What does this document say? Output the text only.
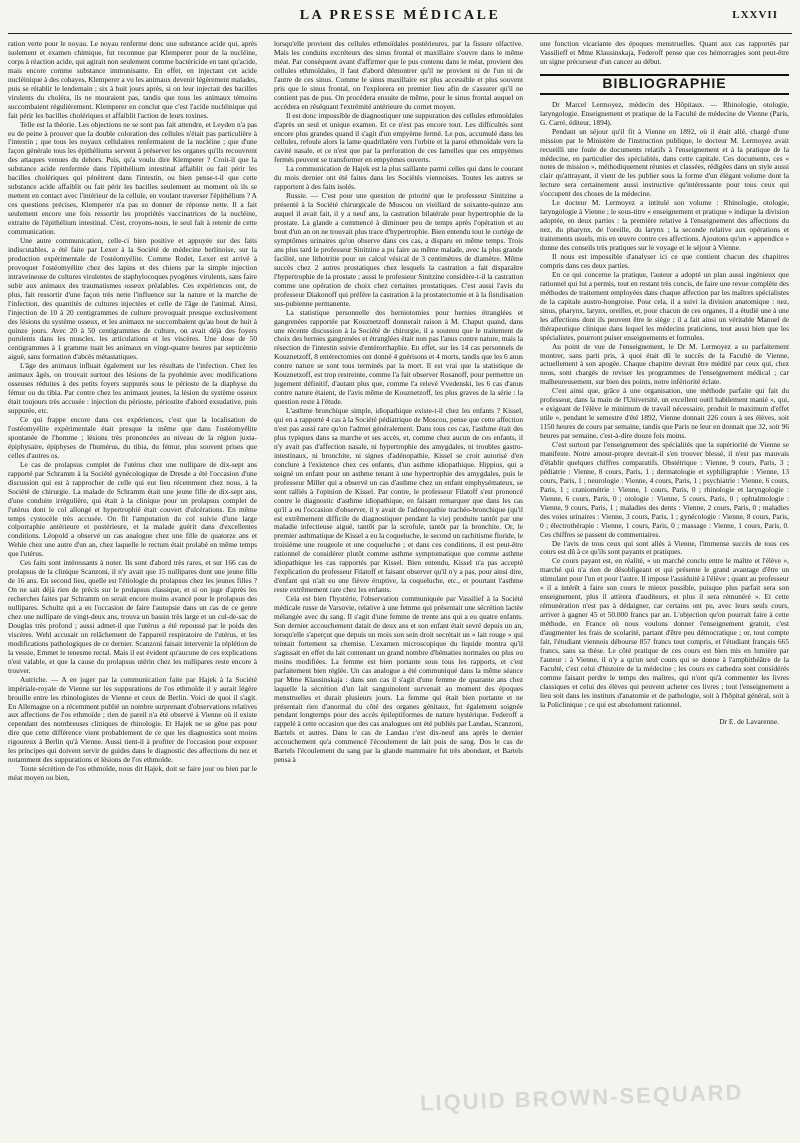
LA PRESSE MÉDICALE	LXXVII

ration verte pour le noyau. Le noyau renferme donc une substance acide qui, après isolement et examen chimique, fut reconnue par Klemperer pour de la nucléine, corps à réaction acide, qui agirait non seulement comme bactéricide en tant qu'acide, mais encore comme substance immunisante. En effet, en injectant cet acide nucléinique à des cobayes, Klemperer a vu les animaux devenir légèrement malades, puis se rétablir le lendemain ; six à huit jours après, si on leur injectait des bacilles virulents du choléra, ils ne mouraient pas, tandis que tous les animaux témoins succombaient régulièrement. Klemperer en conclut que c'est l'acide nucléinique qui fait périr les bacilles cholériques et affaiblit l'action de leurs toxines.

Telle est la théorie. Les objections ne se sont pas fait attendre, et Leyden n'a pas eu de peine à prouver que la double coloration des cellules n'était pas particulière à l'intestin ; que tous les noyaux cellulaires renfermaient de la nucléine ; que d'une façon générale tous les épithéliums servent à préserver les organes qu'ils recouvrent des attaques venues du dehors. Puis, qu'a voulu dire Klemperer ? Croit-il que la substance acide renfermée dans l'épithélium intestinal affaiblit ou fait périr les bacilles cholériques qui pénètrent dans l'intestin, ou bien pense-t-il que cette substance acide affaiblit ou fait périr les bacilles seulement au moment où ils se mettent en contact avec l'intérieur de la cellule, en voulant traverser l'épithélium ? A ces questions précises, Klemperer n'a pas su donner de réponse nette. Il a fait seulement encore une fois ressortir les propriétés vaccinatrices de la nucléine, extraite de l'épithélium intestinal. C'est, croyons-nous, le seul fait à retenir de cette communication.

Une autre communication, celle-ci bien positive et appuyée sur des faits indiscutables, a été faite par Lexer à la Société de médecine berlinoise, sur la production expérimentale de l'ostéomyélite. Comme Rodet, Lexer est arrivé à provoquer l'ostéomyélite chez des lapins et des chiens par la simple injection intraveineuse de cultures virulentes de staphylocoques pyogènes virulents, sans faire subir aux animaux des traumatismes osseux préalables. Ces expériences ont, de plus, fait ressortir d'une façon très nette l'influence sur la nature et la marche de l'infection, des quantités de cultures injectées et celle de l'âge de l'animal. Ainsi, l'injection de 10 à 20 centigrammes de culture provoquait presque exclusivement des lésions du système osseux, et les animaux ne succombaient qu'au bout de huit à quinze jours. Avec 20 à 50 centigrammes de culture, on avait déjà des foyers purulents dans les muscles, les articulations et les viscères. Une dose de 50 centigrammes à 1 gramme tuait les animaux en vingt-quatre heures par septicémie aiguë, sans formation d'abcès métastatiques.

L'âge des animaux influait également sur les résultats de l'infection. Chez les animaux âgés, on trouvait surtout des lésions de la pyohémie avec modifications osseuses réduites à des petits foyers suppurés sous le périoste de la diaphyse du fémur ou du tibia. Par contre chez les animaux jeunes, la lésion du système osseux était toujours très accusée : injection du périoste, périostite d'abord exsudative, puis suppurée, etc.

Ce qui frappe encore dans ces expériences, c'est que la localisation de l'ostéomyélite expérimentale était presque la même que dans l'ostéomyélite spontanée de l'homme ; lésions très prononcées au niveau de la région juxta-épiphysaire, épiphyses de l'humérus, du tibia, du fémur, plus souvent prises que celles d'autres os.

Le cas de prolapsus complet de l'utérus chez une nullipare de dix-sept ans rapporté par Schramm à la Société gynécologique de Dresde a été l'occasion d'une discussion qui est à rapprocher de celle qui eut lieu récemment chez nous, à la Société de chirurgie. La malade de Schramm était une jeune fille de dix-sept ans, d'une conduite irrégulière, qui était à la clinique pour un prolapsus complet de l'utérus dont le col allongé et hypertrophié était couvert d'ulcérations. En même temps cystocèle très accusée. On fit l'amputation du col suivie d'une large colporraphie antérieure et postérieure, et la malade guérit dans d'excellentes conditions. Léopold a observé un cas analogue chez une fille de quatorze ans et Wehle chez une autre d'un an, chez laquelle le rectum était prolabé en même temps que l'utérus.

Ces faits sont intéressants à noter. Ils sont d'abord très rares, et sur 166 cas de prolapsus de la clinique Scanzoni, il n'y avait que 15 nullipares dont une jeune fille de 16 ans. En second lieu, quelle est l'étiologie du prolapsus chez les jeunes filles ? On ne sait déjà rien de précis sur le prolapsus classique, et si on juge d'après les recherches faites par Schramm on serait encore moins avancé pour le prolapsus des nullipares. Schultz qui a eu l'occasion de faire l'autopsie dans un cas de ce genre chez une nullipare de vingt-deux ans, trouva un bassin très large et un cul-de-sac de Douglas très profond ; aussi admet-il que l'utérus a été repoussé par le poids des viscères. Wehl accusait un relâchement de l'appareil respiratoire de l'utérus, et les modifications pathologiques de ce dernier. Scanzoni faisait intervenir la réplétion de la vessie, Emmet le tenesme rectal. Mais il est évident qu'aucune de ces explications n'est valable, et que la cause du prolapsus utérin chez les nullipares reste encore à trouver.

Autriche. — A en juger par la communication faite par Hajek à la Société impériale-royale de Vienne sur les suppurations de l'os ethmoïde il y aurait légère brouille entre les rhinologistes de Vienne et ceux de Berlin. Voici de quoi il s'agit. En Allemagne on a récemment publié un nombre surprenant d'observations relatives aux affections de l'os ethmoïde ; rien de pareil n'a été observé à Vienne où il existe cependant des nombreuses cliniques de rhinologie. Et Hajek ne se gêne pas pour dire que cette différence vient probablement de ce que les diagnostics sont moins rigoureux à Berlin qu'à Vienne. Aussi tient-il à profiter de l'occasion pour exposer les principes qui doivent servir de guides dans le diagnostic des affections du nez et notamment des suppurations et lésions de l'os ethmoïde.

Toute sécrétion de l'os ethmoïde, nous dit Hajek, doit se faire jour ou bien par le méat moyen ou bien,

lorsqu'elle provient des cellules ethmoïdales postérieures, par la fissure olfactive. Mais les conduits excréteurs des sinus frontal et maxillaire s'ouvre dans le même méat. Par conséquent avant d'affirmer que le pus contenu dans le méat, provient des cellules ethmoïdales, il faut d'abord démontrer qu'il ne provient ni de l'un ni de l'autre de ces sinus. Comme le sinus maxillaire est plus accessible et plus souvent pris que le sinus frontal, on l'explorera en premier lieu afin de s'assurer qu'il ne contient pas de pus. On procédera ensuite de même, pour le sinus frontal auquel on accédera en réséquant l'extrémité antérieure du cornet moyen.

Il est donc impossible de diagnostiquer une suppuration des cellules ethmoïdales d'après un seul et unique examen. Et ce n'est pas encore tout. Les difficultés sont encore plus grandes quand il s'agit d'un empyème fermé. Le pus, accumulé dans les cellules, refoule alors la lame quadrilatère vers l'orbite et la paroi ethmoïdale vers la cavité nasale, et ce n'est que par la perforation de ces lamelles que ces empyèmes fermés peuvent se transformer en empyèmes ouverts.

La communication de Hajek est la plus saillante parmi celles qui dans le courant du mois dernier ont été faites dans les Sociétés viennoises. Toutes les autres se rapportent à des faits isolés.

Russie. — C'est pour une question de priorité que le professeur Sinitzine a présenté à la Société chirurgicale de Moscou un vieillard de soixante-quinze ans auquel il avait fait, il y a neuf ans, la castration bilatérale pour hypertrophie de la prostate. La glande a commencé à diminuer peu de temps après l'opération et au bout d'un an on ne trouvait plus trace d'hypertrophie. Bien entendu tout le cortège de symptômes urinaires qu'on observe dans ces cas, a disparu en même temps. Trois ans plus tard le professeur Sinitzine a pu faire au même malade, avec la plus grande facilité, une lithotritie pour un calcul vésical de 3 centimètres de diamètre. Même succès chez 2 autres prostatiques chez lesquels la castration a fait disparaître l'hypertrophie de la prostate ; aussi le professeur Sinitzine considère-t-il la castration comme une opération de choix chez certaines prostatiques. C'est aussi l'avis du professeur Diakonoff qui préfère la castration à la prostatectomie et à la fistulisation sus-pubienne permanente.

La statistique personnelle des herniotomies pour hernies étranglées et gangrenées rapportée par Kouznetzoff donnerait raison à M. Chaput quand, dans une récente discussion à la Société de chirurgie, il a soutenu que le traitement de choix des hernies gangrenées et étranglées était non pas l'anus contre nature, mais la résection de l'intestin suivie d'entérorrhaphie. En effet, sur les 14 cas personnels de Kouznetzoff, 8 entérectomies ont donné 4 guérisons et 4 morts, tandis que les 6 anus contre nature se sont tous terminés par la mort. Il est vrai que la statistique de Kouznetzoff, est trop restreinte, comme l'a fait observer Rosanoff, pour permettre un jugement définitif, d'autant plus que, comme l'a relevé Vvedenski, les 6 cas d'anus contre nature étaient, de l'avis même de Kouznetzoff, les plus graves de la série : la question reste à l'étude.

L'asthme bronchique simple, idiopathique existe-t-il chez les enfants ? Kissel, qui en a rapporté 4 cas à la Société pédiatrique de Moscou, pense que cette affection n'est pas aussi rare qu'on l'admet généralement. Dans tous ces cas, l'asthme était des plus typiques dans sa marche et ses accès, et, comme chez aucun de ces enfants, il n'y avait pas d'affection nasale, ni hypertrophie des amygdales, ni troubles gastro-intestinaux, ni bronchite, ni signes d'adénopathie, Kissel se croit autorisé d'en conclure à l'existence chez ces enfants, d'un asthme idiopathique. Hippius, qui a soigné un enfant pour un asthme tenant à une hypertrophie des amygdales, puis le professeur Miller qui a observé un cas d'asthme chez un enfant emphysémateux, se sont ralliés à l'opinion de Kissel. Par contre, le professeur Filatoff s'est prononcé contre le diagnostic d'asthme idiopathique, en faisant remarquer que dans les cas qu'il a eu l'occasion d'observer, il y avait de l'adénopathie trachéo-bronchique (qu'il est extrêmement difficile de diagnostiquer pendant la vie) produite tantôt par une maladie infectieuse aiguë, tantôt par la scrofule, tantôt par la bronchite. Or, le premier asthmatique de Kissel a eu la coqueluche, le second un rachitisme floride, le troisième une rougeole et une coqueluche ; et dans ces conditions, il est peut-être rationnel de considérer plutôt comme asthme symptomatique que comme asthme idiopathique les cas rapportés par Kissel. Bien entendu, Kissel n'a pas accepté l'explication du professeur Filatoff et faisant observer qu'il n'y a pas, pour ainsi dire, d'enfant qui n'ait eu une fièvre éruptive, la coqueluche, etc., et pourtant l'asthme reste extrêmement rare chez les enfants.

Cela est bien l'hystérie, l'observation communiquée par Vassilief à la Société médicale russe de Varsovie, relative à une femme qui présentait une sécrétion lactée mélangée avec du sang. Il s'agit d'une femme de trente ans qui a eu quatre enfants. Son dernier accouchement datait de deux ans et son enfant était sevré depuis un an, lorsqu'elle s'aperçut que depuis un mois son sein droit secrétait un « lait rouge » qui teintait fortement sa chemise. L'examen microscopique du liquide montra qu'il s'agissait en effet du lait contenant un grand nombre d'hématies normales ou plus ou moins modifiées. La femme est bien portante sous tous les rapports, et c'est parfaitement bien réglée. Un cas analogue a été communiqué dans la même séance par Mme Klausinskaja : dans son cas il s'agit d'une femme de quarante ans chez laquelle la sécrétion d'un lait sanguinolent survenait au moment des époques menstruelles et durait plusieurs jours. La femme qui était bien portante et ne présentait rien d'anormal du côté des organes génitaux, fut également soignée pendant longtemps pour des accès épileptiformes de nature hystérique. Federoff a rappelé à cette occasion que des cas analogues ont été publiés par Landau, Scanzoni, Bartels et autres. Dans le cas de Landau c'est dix-neuf ans après le dernier accouchement qu'a commencé l'écoulement de lait puis de sang. Dos le cas de Bartels l'écoulement du sang par la glande mammaire fut très abondant, et Bartels pensa à

une fonction vicariante des époques menstruelles. Quant aux cas rapportés par Vassilieff et Mme Klausinskaja, Federoff pense que ces hémorragies sont peut-être un signe précurseur d'un cancer au début.

BIBLIOGRAPHIE

Dr Marcel Lermoyez, médecin des Hôpitaux. — Rhinologie, otologie, laryngologie. Enseignement et pratique de la Faculté de médecine de Vienne (Paris, G. Carré, éditeur, 1894).

Pendant un séjour qu'il fit à Vienne en 1892, où il était allé, chargé d'une mission par le Ministère de l'instruction publique, le docteur M. Lermoyez avait recueilli une foule de documents relatifs à l'enseignement et à la pratique de la médecine, en particulier des spécialités, dans cette capitale. Ces documents, ces « notes de mission », méthodiquement réunies et classées, rédigées dans un style aussi clair qu'attrayant, il vient de les publier sous la forme d'un élégant volume dont la lecture sera certainement aussi instructive qu'intéressante pour tous ceux qui s'occupent des choses de la médecine.

Le docteur M. Lermoyez a intitulé son volume : Rhinologie, otologie, laryngologie à Vienne ; le sous-titre « enseignement et pratique » indique la division adoptée, en deux parties : la première relative à l'enseignement des affections du nez, du pharynx, de l'oreille, du larynx ; la seconde relative aux opérations et traitements usuels, mis en œuvre contre ces affections. Ajoutons qu'un « appendice » donne des conseils très pratiques sur le voyage et le séjour à Vienne.

Il nous est impossible d'analyser ici ce que contient chacun des chapitres compris dans ces deux parties.

En ce qui concerne la pratique, l'auteur a adopté un plan aussi ingénieux que rationnel qui lui a permis, tout en restant très concis, de faire une revue complète des méthodes de traitement employées dans chaque affection par les maîtres spécialistes de la capitale austro-hongroise. Pour cela, il a suivi la division anatomique : nez, sinus, pharynx, larynx, oreilles, et, pour chacun de ces organes, il a étudié une à une les affections dont ils peuvent être le siège ; il a fait ainsi un véritable Manuel de thérapeutique clinique dans lequel les médecins praticiens, tout aussi bien que les spécialistes, pourront puiser enseignements et formules.

Au point de vue de l'enseignement, le Dr M. Lermoyez a su parfaitement montrer, sans parti pris, à quoi était dû le succès de la Faculté de Vienne, actuellement à son apogée. Chaque chapitre devrait être médité par ceux qui, chez nous, sont chargés de reviser les programmes de l'enseignement médical ; car malheureusement, sur bien des points, notre infériorité éclate.

C'est ainsi que, grâce à une organisation, une méthode parfaite qui fait du professeur, dans la main de l'Université, un excellent outil habilement manié », qui, « exigeant de l'élève le minimum de travail nécessaire, produit le maximum d'effet utile », pendant le semestre d'été 1892, Vienne donnait 226 cours à ses élèves, soit 1150 heures de cours par semaine, tandis que Paris ne leur en donnait que 32, soit 96 heures par semaine, c'est-à-dire douze fois moins.

C'est surtout par l'enseignement des spécialités que la supériorité de Vienne se manifeste. Notre amour-propre devrait-il s'en trouver blessé, il n'est pas mauvais d'établir quelques chiffres comparatifs. Obstétrique : Vienne, 9 cours, Paris, 3 ; pédiatrie : Vienne, 8 cours, Paris, 1 ; dermatologie et syphiligraphie : Vienne, 13 cours, Paris, 1 ; neurologie : Vienne, 4 cours, Paris, 1 ; psychiatrie : Vienne, 6 cours, Paris, 1 ; craniométrie : Vienne, 1 cours, Paris, 0 ; rhinologie et laryngologie : Vienne, 6 cours, Paris, 0 ; otologie : Vienne, 5 cours, Paris, 0 ; ophtalmologie : Vienne, 9 cours, Paris, 1 ; maladies des dents : Vienne, 2 cours, Paris, 0 ; maladies des voies urinaires : Vienne, 3 cours, Paris, 1 ; gynécologie : Vienne, 8 cours, Paris, 0 ; électrothérapie : Vienne, 1 cours, Paris, 0 ; massage : Vienne, 1 cours, Paris, 0. Ces chiffres se passent de commentaires.

De l'avis de tous ceux qui sont allés à Vienne, l'immense succès de tous ces cours est dû à ce qu'ils sont payants et pratiques.

Ce cours payant est, en réalité, « un marché conclu entre le maître et l'élève », marché qui n'a rien de désobligeant et qui présente le grand avantage d'être un stimulant pour l'un et pour l'autre. Il impose l'assiduité à l'élève ; quant au professeur « il a intérêt à faire son cours le mieux possible, puisque plus parfait sera son enseignement, plus il attirera d'auditeurs, et plus il sera rémunéré ». Et cette rémunération n'est pas à dédaigner, car certains ont pu, avec leurs seuls cours, arriver à gagner 45 et 50.000 francs par an. L'objection qu'on pourrait faire à cette méthode, en France où nous voulons donner l'enseignement gratuit, c'est d'augmenter les frais de scolarité, partant d'être peu démocratique ; or, tout compte fait, l'étudiant viennois débourse 857 francs tout compris, et l'étudiant français 665 francs, sans sa thèse. Le côté pratique de ces cours est bien mis en lumière par l'auteur : à Vienne, il n'y a qu'un seul cours qui se donne à l'amphithéâtre de la Faculté, c'est celui d'histoire de la médecine ; les cours ex cathedra sont considérés comme faisant perdre le temps des maîtres, qui n'ont qu'à commenter les livres classiques et celui des élèves qui peuvent acheter ces livres ; tout l'enseignement a lieu soit dans les instituts d'anatomie et de pathologie, soit à l'hôpital général, soit à la Policlinique ; ce qui est absolument rationnel.

Dr E. de Lavarenne.
LIQUID BROWN-SEQUARD
